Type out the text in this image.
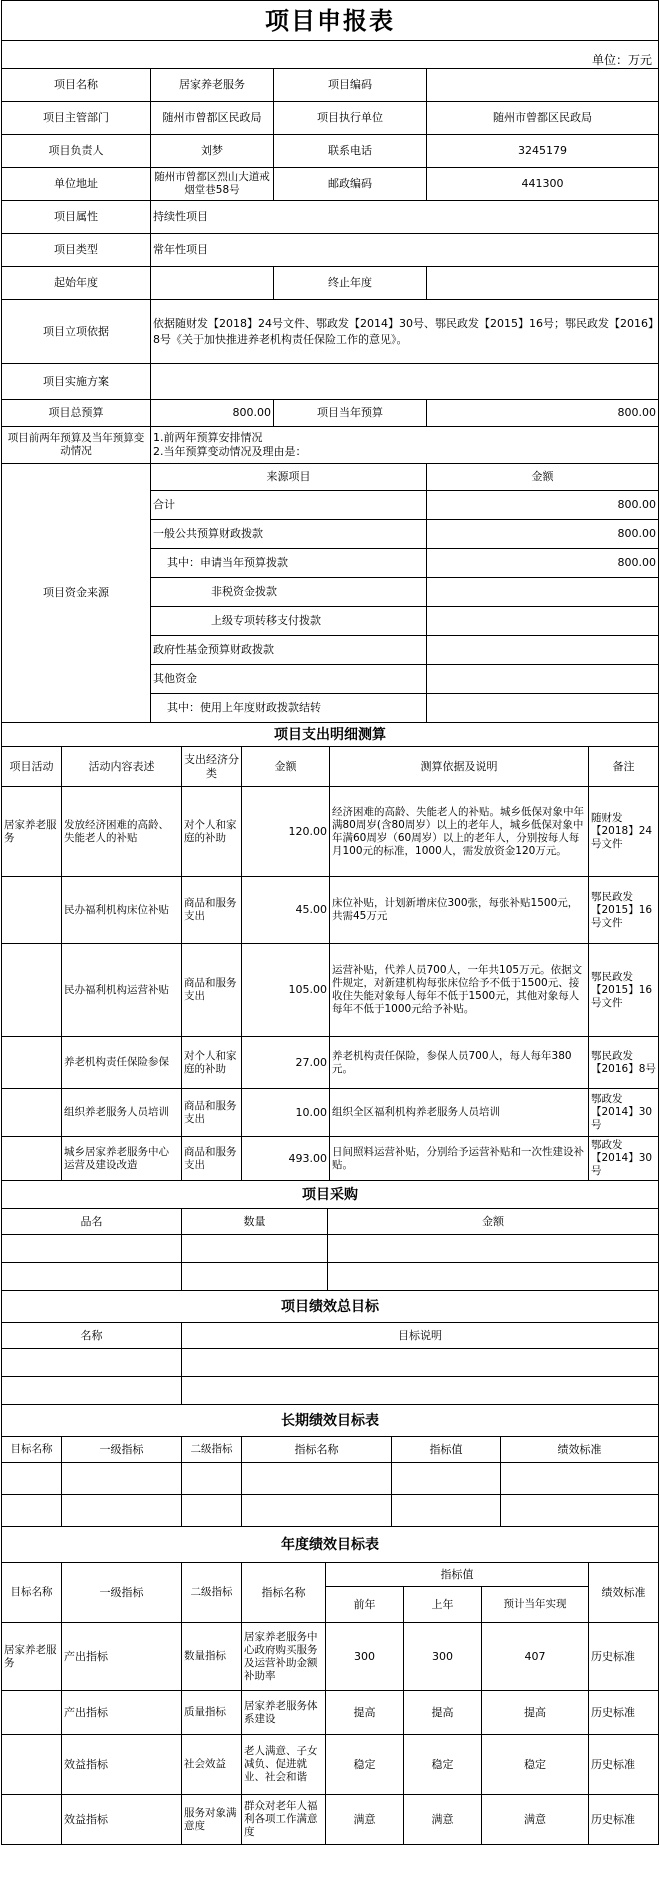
项目申报表			
单位：万元			
项目名称	居家养老服务	项目编码	
项目主管部门	随州市曾都区民政局	项目执行单位	随州市曾都区民政局
项目负责人	刘梦	联系电话	3245179
单位地址	随州市曾都区烈山大道戒烟堂巷58号	邮政编码	441300
项目属性	持续性项目		
项目类型	常年性项目		
起始年度		终止年度	
项目立项依据	依据随财发【2018】24号文件、鄂政发【2014】30号、鄂民政发【2015】16号；鄂民政发【2016】8号《关于加快推进养老机构责任保险工作的意见》。		
项目实施方案			
项目总预算	800.00	项目当年预算	800.00
项目前两年预算及当年预算变动情况	1.前两年预算安排情况
2.当年预算变动情况及理由是：		
项目资金来源	来源项目	金额
	合计	800.00
	一般公共预算财政拨款	800.00
	其中：申请当年预算拨款	800.00
	非税资金拨款	
	上级专项转移支付拨款	
	政府性基金预算财政拨款	
	其他资金	
	其中：使用上年度财政拨款结转	
项目支出明细测算					
项目活动	活动内容表述	支出经济分类	金额	测算依据及说明	备注
居家养老服务	发放经济困难的高龄、失能老人的补贴	对个人和家庭的补助	120.00	经济困难的高龄、失能老人的补贴。城乡低保对象中年满80周岁(含80周岁）以上的老年人，城乡低保对象中年满60周岁（60周岁）以上的老年人，分别按每人每月100元的标准，1000人，需发放资金120万元。	随财发【2018】24号文件
	民办福利机构床位补贴	商品和服务支出	45.00	床位补贴，计划新增床位300张，每张补贴1500元，共需45万元	鄂民政发【2015】16号文件
	民办福利机构运营补贴	商品和服务支出	105.00	运营补贴，代养人员700人，一年共105万元。依据文件规定，对新建机构每张床位给予不低于1500元、接收住失能对象每人每年不低于1500元，其他对象每人每年不低于1000元给予补贴。	鄂民政发【2015】16号文件
	养老机构责任保险参保	对个人和家庭的补助	27.00	养老机构责任保险，参保人员700人，每人每年380元。	鄂民政发【2016】8号
	组织养老服务人员培训	商品和服务支出	10.00	组织全区福利机构养老服务人员培训	鄂政发【2014】30号
	城乡居家养老服务中心运营及建设改造	商品和服务支出	493.00	日间照料运营补贴，分别给予运营补贴和一次性建设补贴。	鄂政发【2014】30号
项目采购		
品名	数量	金额

项目绩效总目标	
名称	目标说明

长期绩效目标表					
目标名称	一级指标	二级指标	指标名称	指标值	绩效标准

年度绩效目标表							
目标名称	一级指标	二级指标	指标名称	指标值			绩效标准
				前年	上年	预计当年实现	
居家养老服务	产出指标	数量指标	居家养老服务中心政府购买服务及运营补助金额补助率	300	300	407	历史标准
	产出指标	质量指标	居家养老服务体系建设	提高	提高	提高	历史标准
	效益指标	社会效益	老人满意、子女减负、促进就业、社会和谐	稳定	稳定	稳定	历史标准
	效益指标	服务对象满意度	群众对老年人福利各项工作满意度	满意	满意	满意	历史标准
